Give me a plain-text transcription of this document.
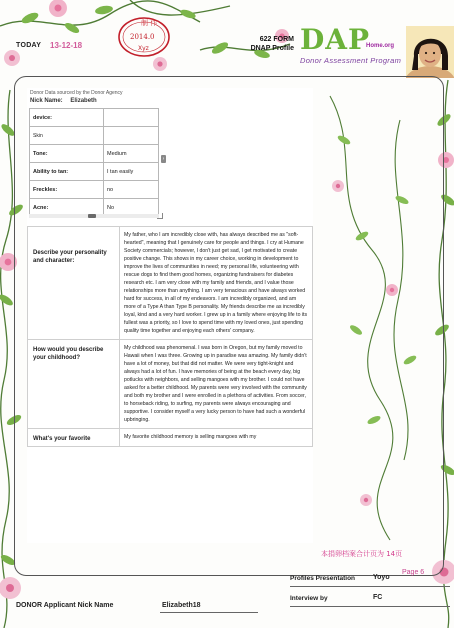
TODAY 13-12-18
制 作
2014.0
Xyz
622 FORM
DNAP Profile DAP
Home.org
Donor Assessment Program
Donor Data sourced by the Donor Agency
Nick Name: Elizabeth
device:	
Skin	
Tone:	Medium
Ability to tan:	I tan easily
Freckles:	no
Acne:	No
›
Describe your personality and character:	My father, who I am incredibly close with, has always described me as "soft-hearted", meaning that I genuinely care for people and things. I cry at Humane Society commercials; however, I don't just get sad, I get motivated to create positive change. This shows in my career choice, working in development to improve the lives of communities in need; my personal life, volunteering with rescue dogs to find them good homes, organizing fundraisers for diabetes research etc. I am very close with my family and friends, and I value those relationships more than anything. I am very tenacious and have always worked hard for success, in all of my endeavors. I am incredibly organized, and am more of a Type A than Type B personality. My friends describe me as incredibly loyal, kind and a very hard worker. I grew up in a family where enjoying life to its fullest was a priority, so I love to spend time with my loved ones, just spending quality time together and enjoying each others' company.
How would you describe your childhood?	My childhood was phenomenal. I was born in Oregon, but my family moved to Hawaii when I was three. Growing up in paradise was amazing. My family didn't have a lot of money, but that did not matter. We were very tight-knight and always had a lot of fun. I have memories of being at the beach every day, big potlucks with neighbors, and selling mangoes with my brother. I could not have asked for a better childhood. My parents were very involved with the community and both my brother and I were enrolled in a plethora of activities. From soccer, to horseback riding, to surfing, my parents were always encouraging and supportive. I consider myself a very lucky person to have had such a wonderful upbringing.
What's your favorite	My favorite childhood memory is selling mangoes with my
本捐卵档案合计页为 14页
Profiles Presentation	Yoyo
Page 6
Interview by	FC
DONOR Applicant Nick Name	Elizabeth18
